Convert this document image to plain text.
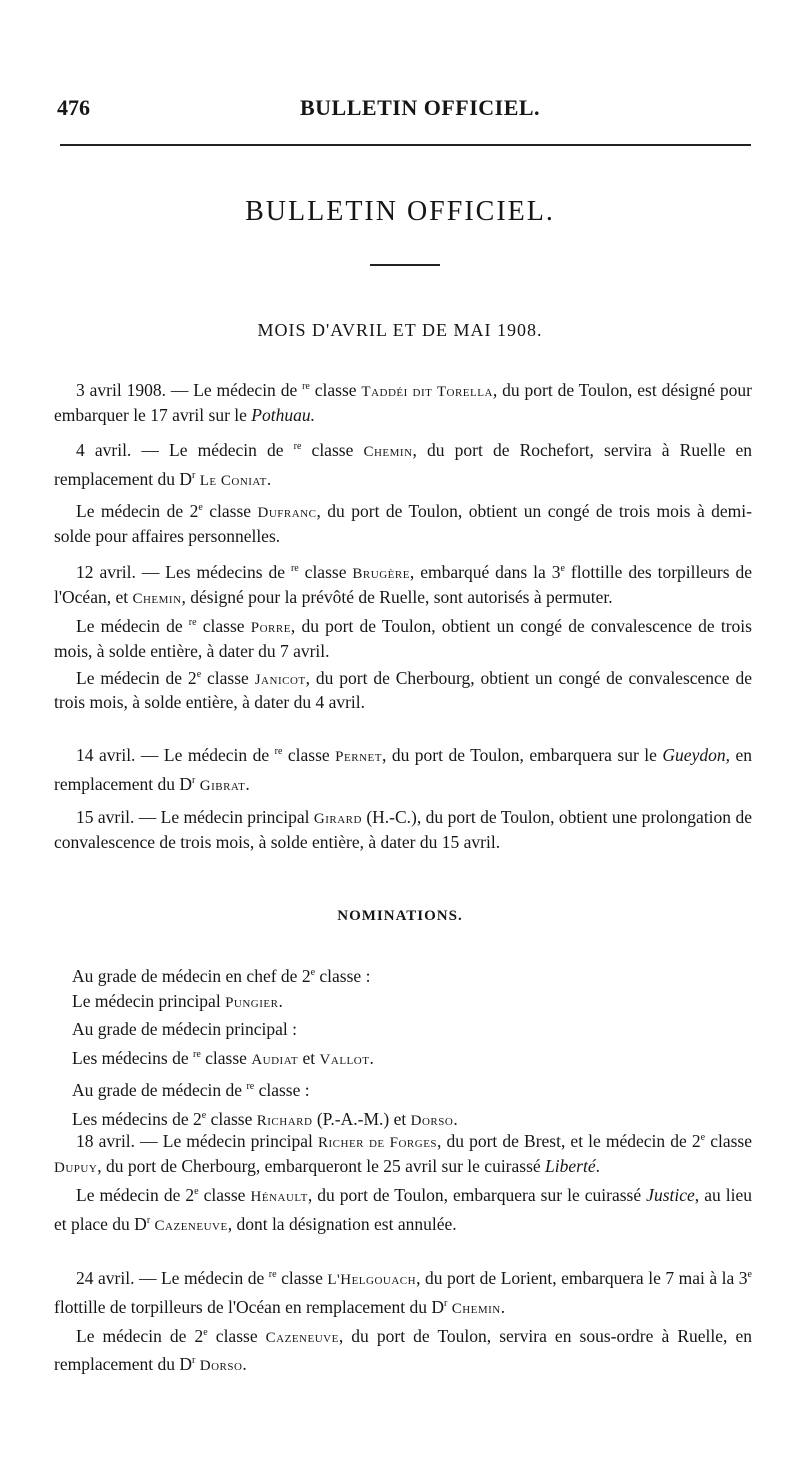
476	BULLETIN OFFICIEL.
BULLETIN OFFICIEL.
MOIS D'AVRIL ET DE MAI 1908.

3 avril 1908. — Le médecin de $^{re}$ classe Taddéi dit Torella, du port de Toulon, est désigné pour embarquer le 17 avril sur le Pothuau.

4 avril. — Le médecin de $^{re}$ classe Chemin, du port de Rochefort, servira à Ruelle en remplacement du $D^r$ Le Coniat.

Le médecin de 2e classe Dufranc, du port de Toulon, obtient un congé de trois mois à demi-solde pour affaires personnelles.

12 avril. — Les médecins de $^{re}$ classe Brugère, embarqué dans la 3e flottille des torpilleurs de l'Océan, et Chemin, désigné pour la prévôté de Ruelle, sont autorisés à permuter.

Le médecin de $^{re}$ classe Porre, du port de Toulon, obtient un congé de convalescence de trois mois, à solde entière, à dater du 7 avril.

Le médecin de 2e classe Janicot, du port de Cherbourg, obtient un congé de convalescence de trois mois, à solde entière, à dater du 4 avril.

14 avril. — Le médecin de $^{re}$ classe Pernet, du port de Toulon, embarquera sur le Gueydon, en remplacement du $D^r$ Gibrat.

15 avril. — Le médecin principal Girard (H.-C.), du port de Toulon, obtient une prolongation de convalescence de trois mois, à solde entière, à dater du 15 avril.

NOMINATIONS.
Au grade de médecin en chef de 2e classe :
Le médecin principal Pungier.
Au grade de médecin principal :
Les médecins de $^{re}$ classe Audiat et Vallot.
Au grade de médecin de $^{re}$ classe :
Les médecins de 2e classe Richard (P.-A.-M.) et Dorso.

18 avril. — Le médecin principal Richer de Forges, du port de Brest, et le médecin de 2e classe Dupuy, du port de Cherbourg, embarqueront le 25 avril sur le cuirassé Liberté.

Le médecin de 2e classe Hénault, du port de Toulon, embarquera sur le cuirassé Justice, au lieu et place du $D^r$ Cazeneuve, dont la désignation est annulée.

24 avril. — Le médecin de $^{re}$ classe L'Helgouach, du port de Lorient, embarquera le 7 mai à la 3e flottille de torpilleurs de l'Océan en remplacement du $D^r$ Chemin.

Le médecin de 2e classe Cazeneuve, du port de Toulon, servira en sous-ordre à Ruelle, en remplacement du $D^r$ Dorso.
